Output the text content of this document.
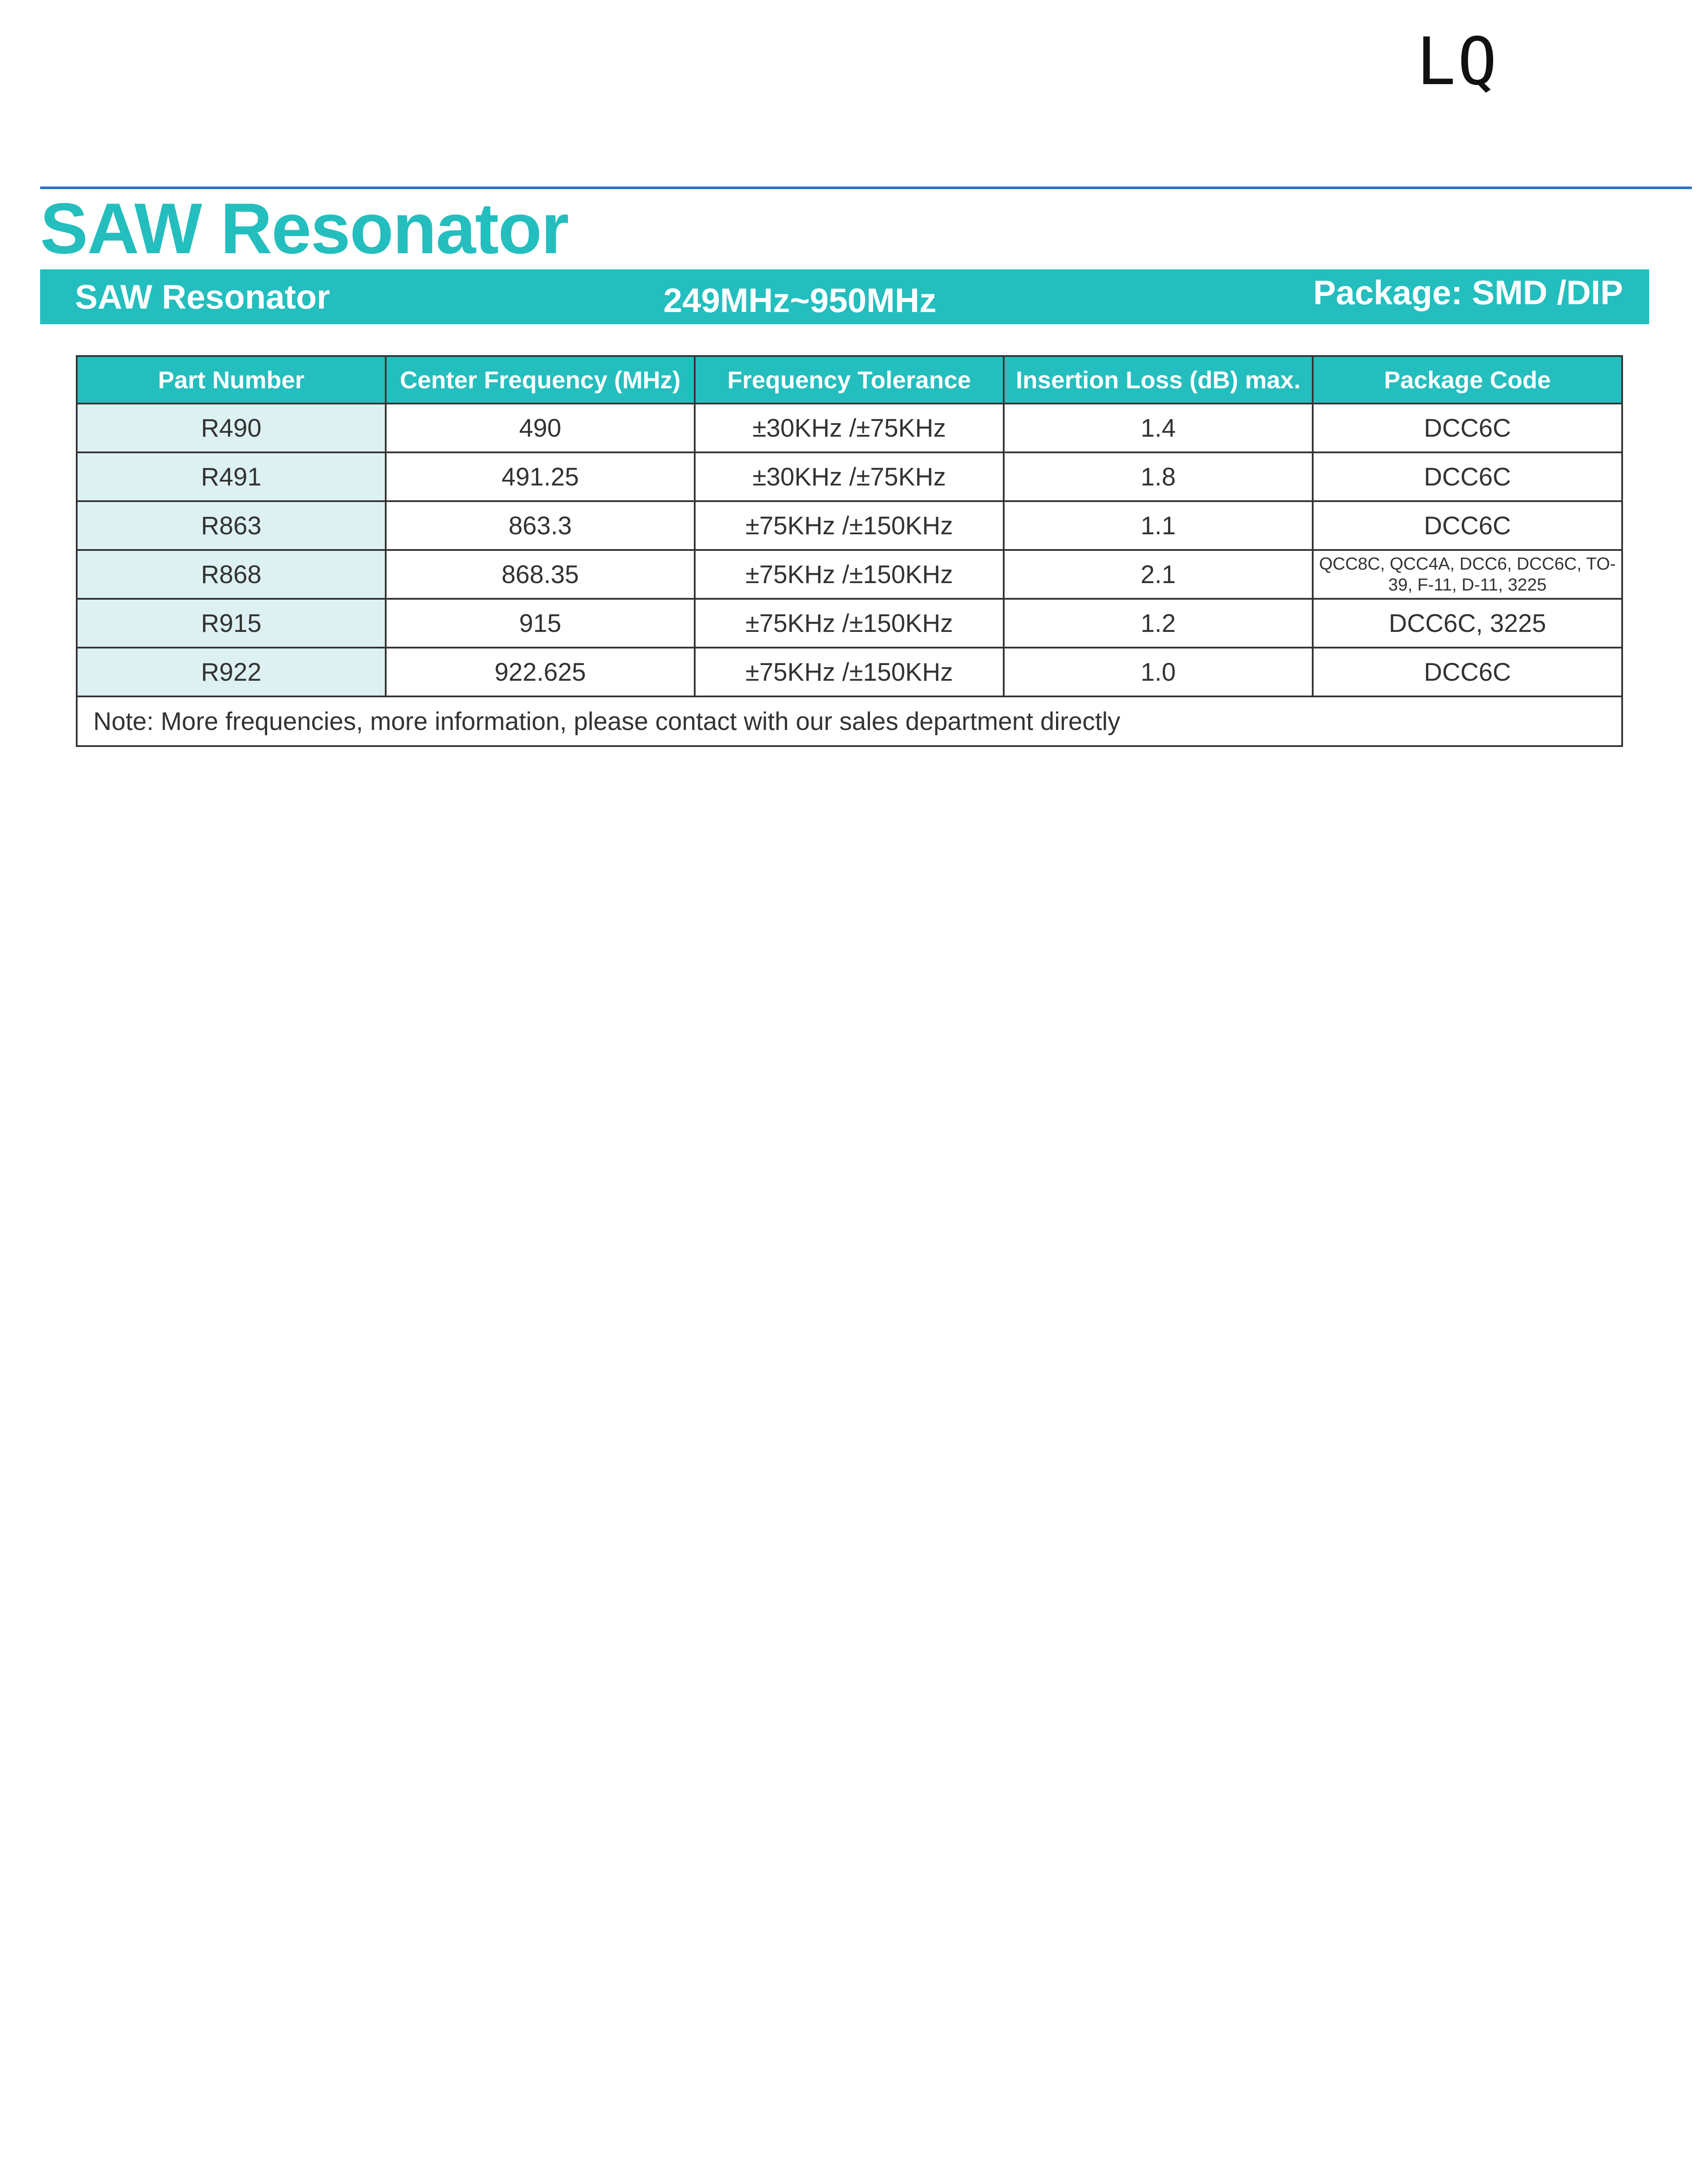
LQ
SAW Resonator
SAW Resonator	249MHz~950MHz	Package: SMD /DIP
Part Number	Center Frequency (MHz)	Frequency Tolerance	Insertion Loss (dB) max.	Package Code
R490	490	±30KHz /±75KHz	1.4	DCC6C
R491	491.25	±30KHz /±75KHz	1.8	DCC6C
R863	863.3	±75KHz /±150KHz	1.1	DCC6C
R868	868.35	±75KHz /±150KHz	2.1	QCC8C, QCC4A, DCC6, DCC6C, TO-39, F-11, D-11, 3225
R915	915	±75KHz /±150KHz	1.2	DCC6C, 3225
R922	922.625	±75KHz /±150KHz	1.0	DCC6C
Note: More frequencies, more information, please contact with our sales department directly				
